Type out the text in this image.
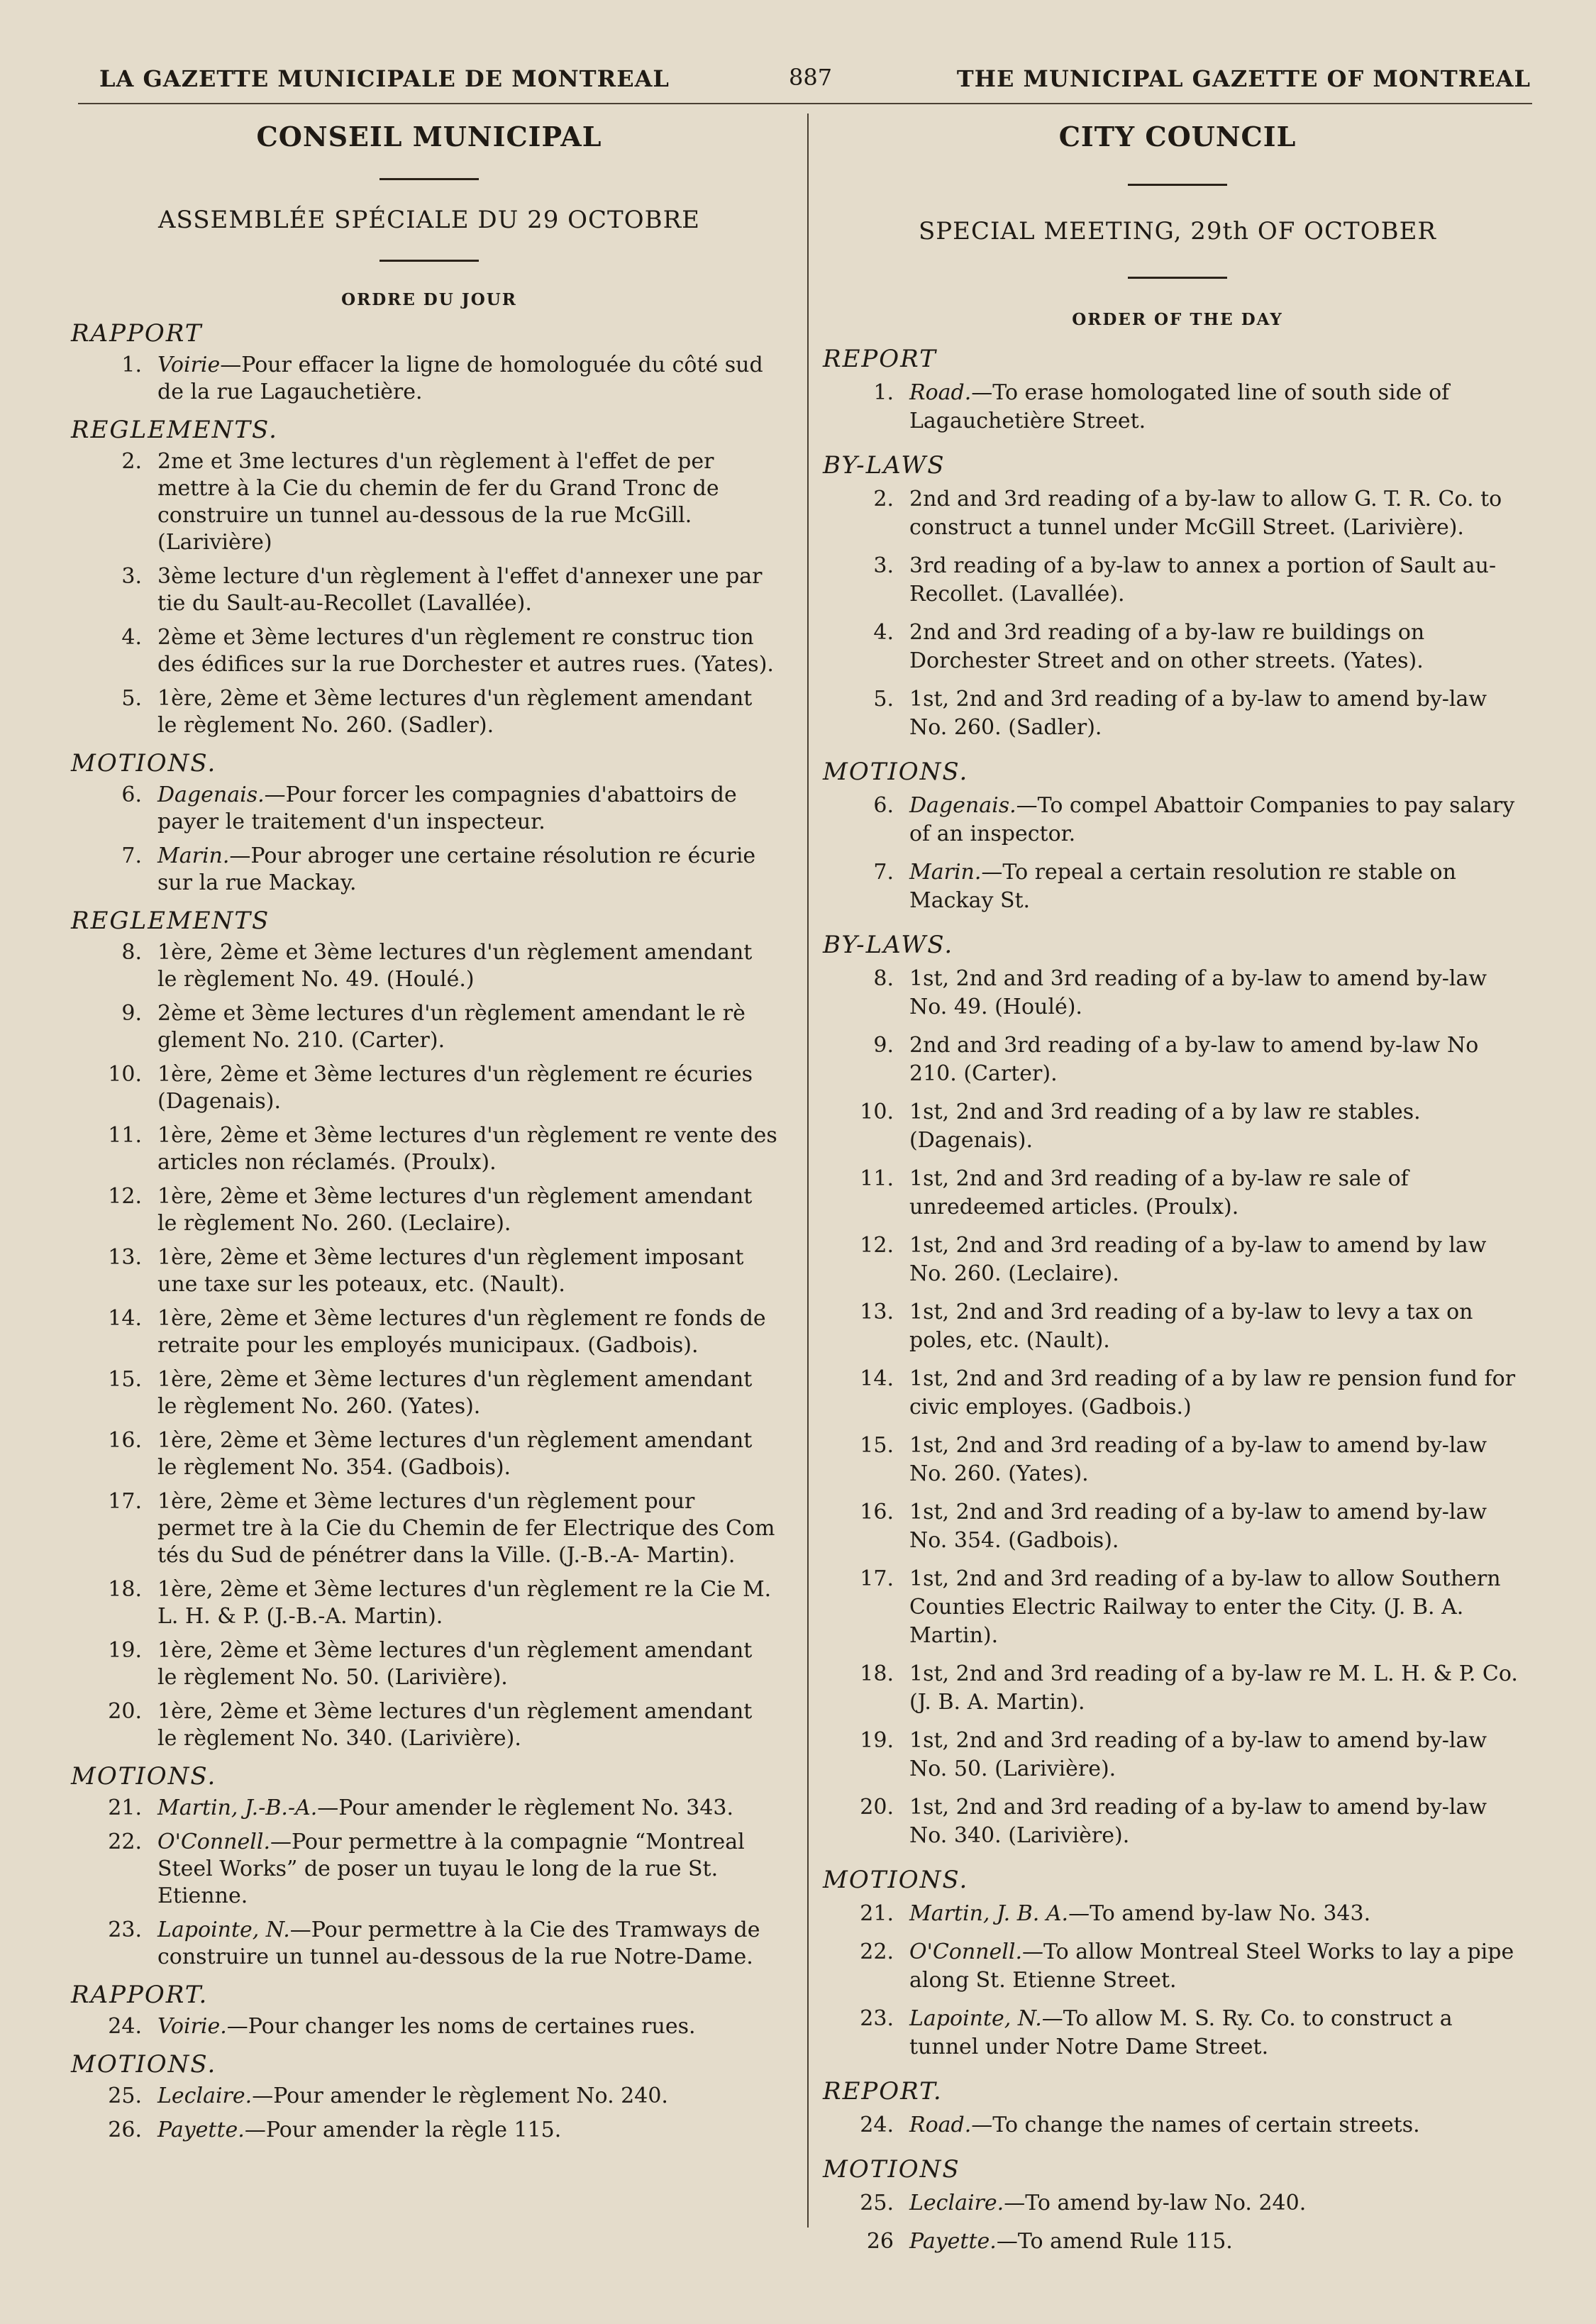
LA GAZETTE MUNICIPALE DE MONTREAL	887	THE MUNICIPAL GAZETTE OF MONTREAL
CONSEIL MUNICIPAL

ASSEMBLÉE SPÉCIALE DU 29 OCTOBRE

ORDRE DU JOUR

RAPPORT
1. Voirie—Pour effacer la ligne de homologuée du côté sud de la rue Lagauchetière.
REGLEMENTS.
2. 2me et 3me lectures d'un règlement à l'effet de per mettre à la Cie du chemin de fer du Grand Tronc de construire un tunnel au-dessous de la rue McGill. (Larivière)
3. 3ème lecture d'un règlement à l'effet d'annexer une par tie du Sault-au-Recollet (Lavallée).
4. 2ème et 3ème lectures d'un règlement re construc tion des édifices sur la rue Dorchester et autres rues. (Yates).
5. 1ère, 2ème et 3ème lectures d'un règlement amendant le règlement No. 260. (Sadler).
MOTIONS.
6. Dagenais.—Pour forcer les compagnies d'abattoirs de payer le traitement d'un inspecteur.
7. Marin.—Pour abroger une certaine résolution re écurie sur la rue Mackay.
REGLEMENTS
8. 1ère, 2ème et 3ème lectures d'un règlement amendant le règlement No. 49. (Houlé.)
9. 2ème et 3ème lectures d'un règlement amendant le rè glement No. 210. (Carter).
10. 1ère, 2ème et 3ème lectures d'un règlement re écuries (Dagenais).
11. 1ère, 2ème et 3ème lectures d'un règlement re vente des articles non réclamés. (Proulx).
12. 1ère, 2ème et 3ème lectures d'un règlement amendant le règlement No. 260. (Leclaire).
13. 1ère, 2ème et 3ème lectures d'un règlement imposant une taxe sur les poteaux, etc. (Nault).
14. 1ère, 2ème et 3ème lectures d'un règlement re fonds de retraite pour les employés municipaux. (Gadbois).
15. 1ère, 2ème et 3ème lectures d'un règlement amendant le règlement No. 260. (Yates).
16. 1ère, 2ème et 3ème lectures d'un règlement amendant le règlement No. 354. (Gadbois).
17. 1ère, 2ème et 3ème lectures d'un règlement pour permet tre à la Cie du Chemin de fer Electrique des Com tés du Sud de pénétrer dans la Ville. (J.-B.-A- Martin).
18. 1ère, 2ème et 3ème lectures d'un règlement re la Cie M. L. H. & P. (J.-B.-A. Martin).
19. 1ère, 2ème et 3ème lectures d'un règlement amendant le règlement No. 50. (Larivière).
20. 1ère, 2ème et 3ème lectures d'un règlement amendant le règlement No. 340. (Larivière).
MOTIONS.
21. Martin, J.-B.-A.—Pour amender le règlement No. 343.
22. O'Connell.—Pour permettre à la compagnie “Montreal Steel Works” de poser un tuyau le long de la rue St. Etienne.
23. Lapointe, N.—Pour permettre à la Cie des Tramways de construire un tunnel au-dessous de la rue Notre-Dame.
RAPPORT.
24. Voirie.—Pour changer les noms de certaines rues.
MOTIONS.
25. Leclaire.—Pour amender le règlement No. 240.
26. Payette.—Pour amender la règle 115.
CITY COUNCIL

SPECIAL MEETING, 29th OF OCTOBER

ORDER OF THE DAY

REPORT
1. Road.—To erase homologated line of south side of Lagauchetière Street.
BY-LAWS
2. 2nd and 3rd reading of a by-law to allow G. T. R. Co. to construct a tunnel under McGill Street. (Larivière).
3. 3rd reading of a by-law to annex a portion of Sault au-Recollet. (Lavallée).
4. 2nd and 3rd reading of a by-law re buildings on Dorchester Street and on other streets. (Yates).
5. 1st, 2nd and 3rd reading of a by-law to amend by-law No. 260. (Sadler).
MOTIONS.
6. Dagenais.—To compel Abattoir Companies to pay salary of an inspector.
7. Marin.—To repeal a certain resolution re stable on Mackay St.
BY-LAWS.
8. 1st, 2nd and 3rd reading of a by-law to amend by-law No. 49. (Houlé).
9. 2nd and 3rd reading of a by-law to amend by-law No 210. (Carter).
10. 1st, 2nd and 3rd reading of a by law re stables. (Dagenais).
11. 1st, 2nd and 3rd reading of a by-law re sale of unredeemed articles. (Proulx).
12. 1st, 2nd and 3rd reading of a by-law to amend by law No. 260. (Leclaire).
13. 1st, 2nd and 3rd reading of a by-law to levy a tax on poles, etc. (Nault).
14. 1st, 2nd and 3rd reading of a by law re pension fund for civic employes. (Gadbois.)
15. 1st, 2nd and 3rd reading of a by-law to amend by-law No. 260. (Yates).
16. 1st, 2nd and 3rd reading of a by-law to amend by-law No. 354. (Gadbois).
17. 1st, 2nd and 3rd reading of a by-law to allow Southern Counties Electric Railway to enter the City. (J. B. A. Martin).
18. 1st, 2nd and 3rd reading of a by-law re M. L. H. & P. Co. (J. B. A. Martin).
19. 1st, 2nd and 3rd reading of a by-law to amend by-law No. 50. (Larivière).
20. 1st, 2nd and 3rd reading of a by-law to amend by-law No. 340. (Larivière).
MOTIONS.
21. Martin, J. B. A.—To amend by-law No. 343.
22. O'Connell.—To allow Montreal Steel Works to lay a pipe along St. Etienne Street.
23. Lapointe, N.—To allow M. S. Ry. Co. to construct a tunnel under Notre Dame Street.
REPORT.
24. Road.—To change the names of certain streets.
MOTIONS
25. Leclaire.—To amend by-law No. 240.
26 Payette.—To amend Rule 115.
